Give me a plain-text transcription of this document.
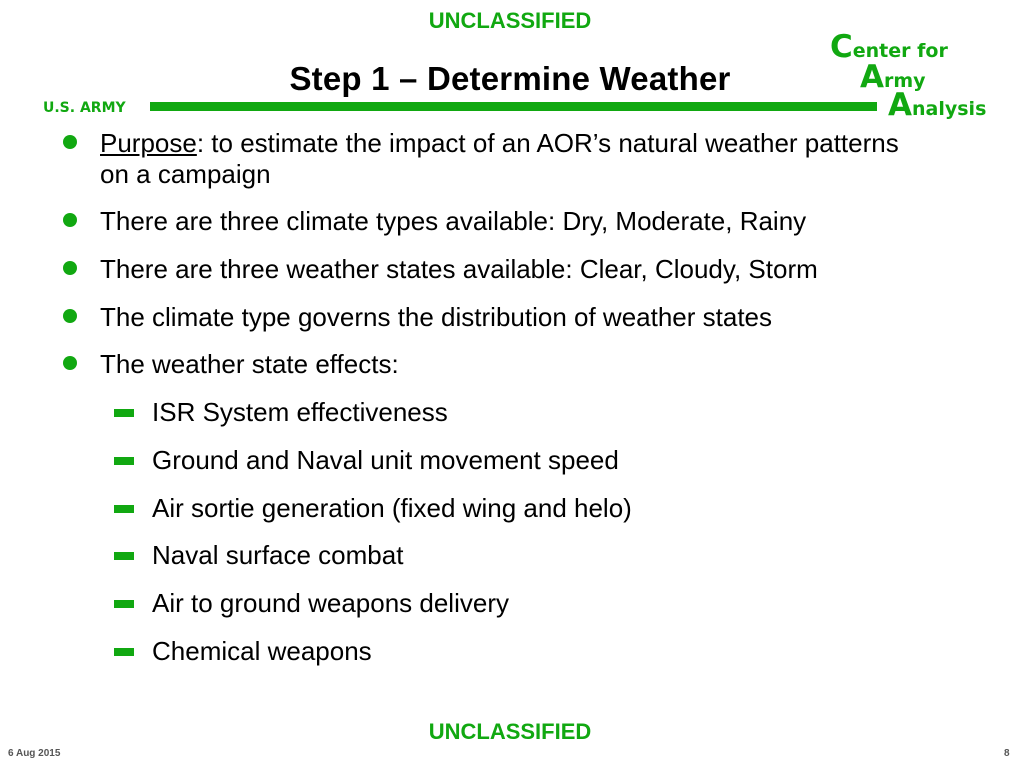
UNCLASSIFIED
Step 1 – Determine Weather
U.S. ARMY
Center for
Army
Analysis
Purpose: to estimate the impact of an AOR’s natural weather patterns on a campaign
There are three climate types available: Dry, Moderate, Rainy
There are three weather states available: Clear, Cloudy, Storm
The climate type governs the distribution of weather states
The weather state effects:
ISR System effectiveness
Ground and Naval unit movement speed
Air sortie generation (fixed wing and helo)
Naval surface combat
Air to ground weapons delivery
Chemical weapons
UNCLASSIFIED
6 Aug 2015	8
